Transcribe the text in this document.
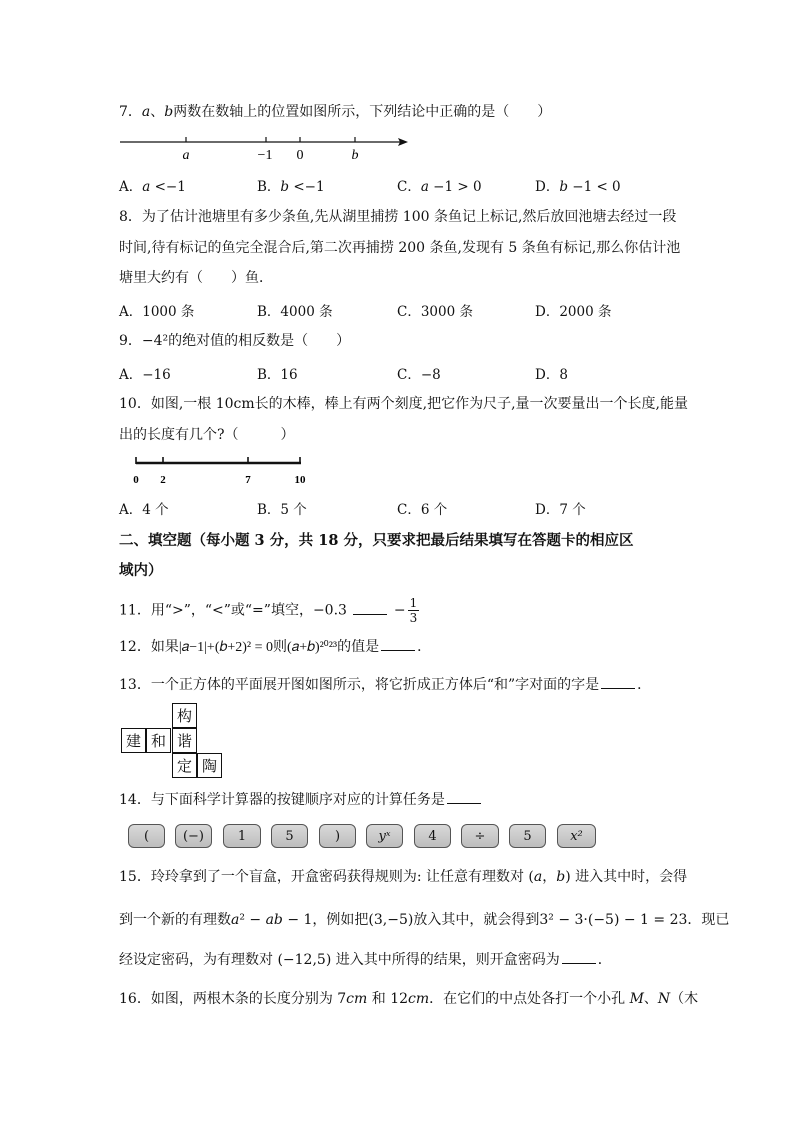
7．𝑎、𝑏两数在数轴上的位置如图所示，下列结论中正确的是（　　）
a	−1 0	b
A．𝑎 <−1	B．𝑏 <−1	C．𝑎 −1 > 0	D．𝑏 −1 < 0
8．为了估计池塘里有多少条鱼,先从湖里捕捞 100 条鱼记上标记,然后放回池塘去经过一段
时间,待有标记的鱼完全混合后,第二次再捕捞 200 条鱼,发现有 5 条鱼有标记,那么你估计池
塘里大约有（　　）鱼．
A．1000 条	B．4000 条	C．3000 条	D．2000 条
9．−4²的绝对值的相反数是（　　）
A．−16	B．16	C．−8	D．8
10．如图,一根 10cm长的木棒，棒上有两个刻度,把它作为尺子,量一次要量出一个长度,能量
出的长度有几个?（　　　）
0 2	7	10
A．4 个	B．5 个	C．6 个	D．7 个
二、填空题（每小题 3 分，共 18 分，只要求把最后结果填写在答题卡的相应区
域内）
11．用“>”，“<”或“=”填空，−0.3	− $\frac{1}{3}$
12．如果|𝑎−1|+(𝑏+2)² = 0则(𝑎+𝑏)²⁰²³的值是	．
13．一个正方体的平面展开图如图所示，将它折成正方体后“和”字对面的字是	．
构
建 和 谐
定 陶
14．与下面科学计算器的按键顺序对应的计算任务是
(	(−)	1	5	)	yˣ	4	÷	5	x²
15．玲玲拿到了一个盲盒，开盒密码获得规则为: 让任意有理数对 (𝑎，𝑏) 进入其中时，会得
到一个新的有理数𝑎² − 𝑎𝑏 − 1，例如把(3,−5)放入其中，就会得到3² − 3·(−5) − 1 = 23．现已
经设定密码，为有理数对 (−12,5) 进入其中所得的结果，则开盒密码为	．
16．如图，两根木条的长度分别为 7𝑐𝑚 和 12𝑐𝑚．在它们的中点处各打一个小孔 𝑀、𝑁（木
